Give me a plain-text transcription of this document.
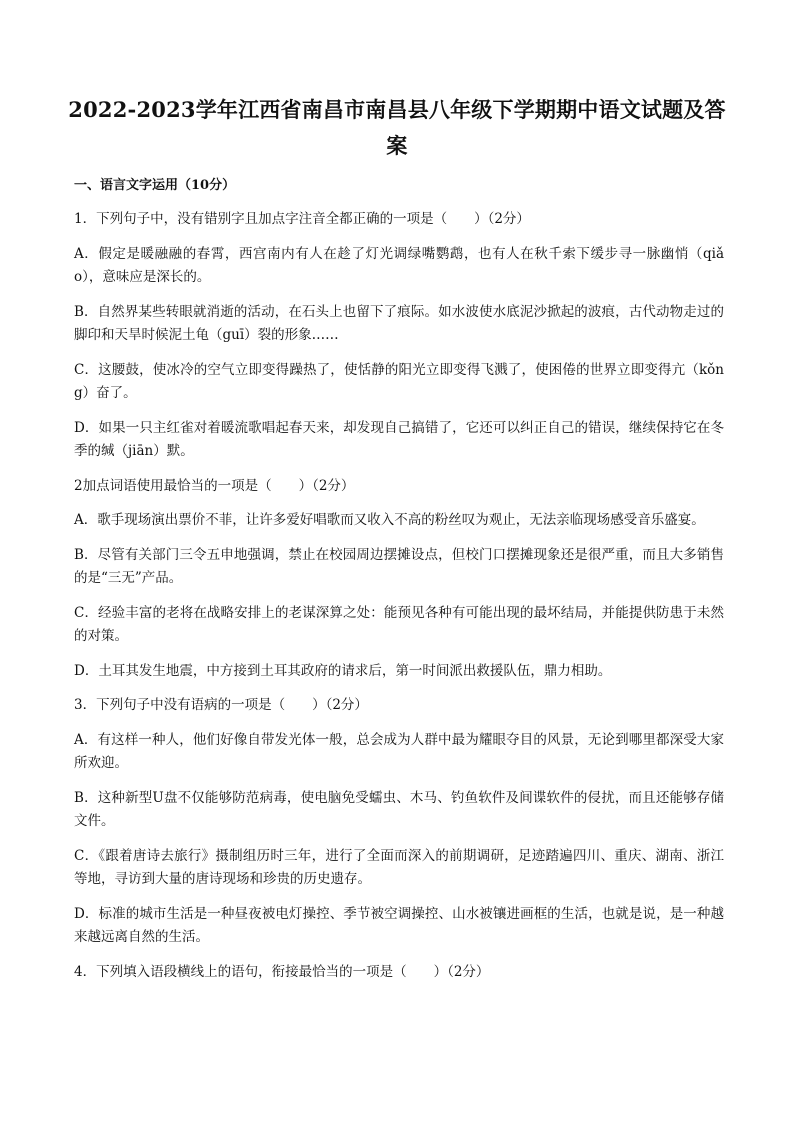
2022-2023学年江西省南昌市南昌县八年级下学期期中语文试题及答案
一、语言文字运用（10分）

1．下列句子中，没有错别字且加点字注音全都正确的一项是（　　）（2分）

A．假定是暖融融的春霄，西宫南内有人在趁了灯光调绿嘴鹦鹉，也有人在秋千索下缓步寻一脉幽悄（qiǎo），意味应是深长的。

B．自然界某些转眼就消逝的活动，在石头上也留下了痕际。如水波使水底泥沙掀起的波痕，古代动物走过的脚印和天旱时候泥土龟（guī）裂的形象……

C．这腰鼓，使冰冷的空气立即变得躁热了，使恬静的阳光立即变得飞溅了，使困倦的世界立即变得亢（kǒng）奋了。

D．如果一只主红雀对着暖流歌唱起春天来，却发现自己搞错了，它还可以纠正自己的错误，继续保持它在冬季的缄（jiān）默。

2加点词语使用最恰当的一项是（　　）（2分）

A．歌手现场演出票价不菲，让许多爱好唱歌而又收入不高的粉丝叹为观止，无法亲临现场感受音乐盛宴。

B．尽管有关部门三令五申地强调，禁止在校园周边摆摊设点，但校门口摆摊现象还是很严重，而且大多销售的是“三无”产品。

C．经验丰富的老将在战略安排上的老谋深算之处：能预见各种有可能出现的最坏结局，并能提供防患于未然的对策。

D．土耳其发生地震，中方接到土耳其政府的请求后，第一时间派出救援队伍，鼎力相助。

3．下列句子中没有语病的一项是（　　）（2分）

A．有这样一种人，他们好像自带发光体一般，总会成为人群中最为耀眼夺目的风景，无论到哪里都深受大家所欢迎。

B．这种新型U盘不仅能够防范病毒，使电脑免受蠕虫、木马、钓鱼软件及间谍软件的侵扰，而且还能够存储文件。

C．《跟着唐诗去旅行》摄制组历时三年，进行了全面而深入的前期调研，足迹踏遍四川、重庆、湖南、浙江等地，寻访到大量的唐诗现场和珍贵的历史遗存。

D．标准的城市生活是一种昼夜被电灯操控、季节被空调操控、山水被镶进画框的生活，也就是说，是一种越来越远离自然的生活。

4．下列填入语段横线上的语句，衔接最恰当的一项是（　　）（2分）
